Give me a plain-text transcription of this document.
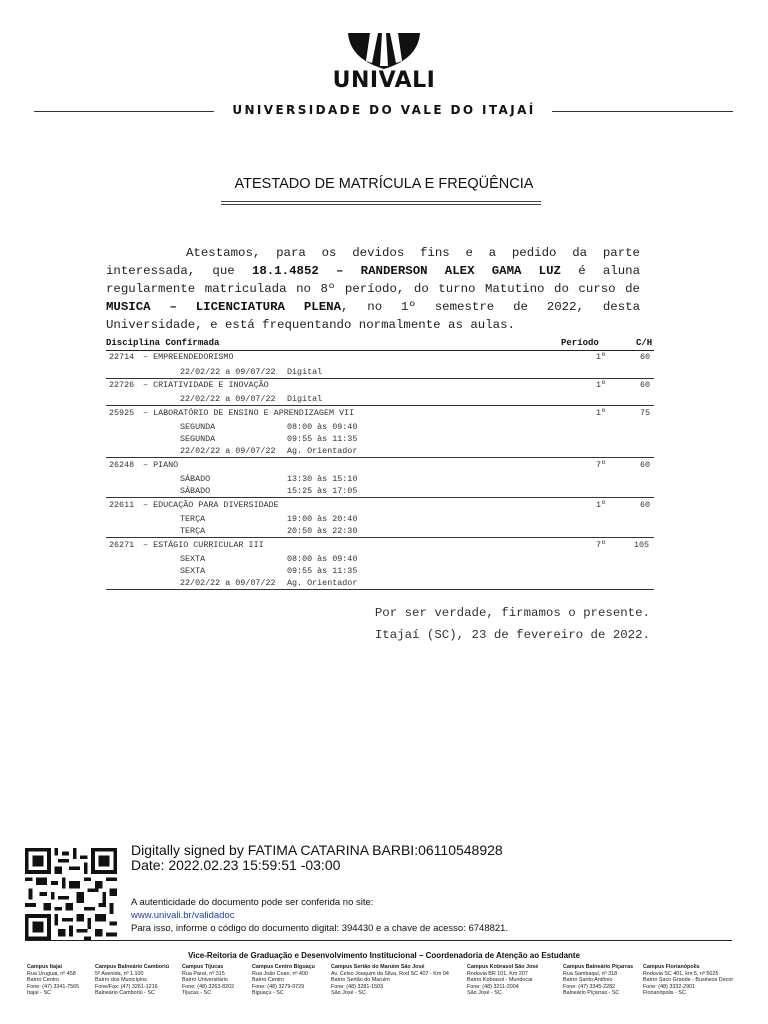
UNIVALI
UNIVERSIDADE DO VALE DO ITAJAÍ
ATESTADO DE MATRÍCULA E FREQÜÊNCIA
Atestamos, para os devidos fins e a pedido da parte interessada, que 18.1.4852 – RANDERSON ALEX GAMA LUZ é aluna regularmente matriculada no 8º período, do turno Matutino do curso de MUSICA – LICENCIATURA PLENA, no 1º semestre de 2022, desta Universidade, e está frequentando normalmente as aulas.
Disciplina Confirmada	Período	C/H
22714 – EMPREENDEDORISMO	1º	60
22/02/22 a 09/07/22 Digital
22726 – CRIATIVIDADE E INOVAÇÃO	1º	60
22/02/22 a 09/07/22 Digital
25925 – LABORATÓRIO DE ENSINO E APRENDIZAGEM VII	1º	75
SEGUNDA	08:00 às 09:40
SEGUNDA	09:55 às 11:35
22/02/22 a 09/07/22 Ag. Orientador
26248 – PIANO	7º	60
SÁBADO	13:30 às 15:10
SÁBADO	15:25 às 17:05
22611 – EDUCAÇÃO PARA DIVERSIDADE	1º	60
TERÇA	19:00 às 20:40
TERÇA	20:50 às 22:30
26271 – ESTÁGIO CURRICULAR III	7º	105
SEXTA	08:00 às 09:40
SEXTA	09:55 às 11:35
22/02/22 a 09/07/22 Ag. Orientador
Por ser verdade, firmamos o presente.
Itajaí (SC), 23 de fevereiro de 2022.
Digitally signed by FATIMA CATARINA BARBI:06110548928
Date: 2022.02.23 15:59:51 -03:00
A autenticidade do documento pode ser conferida no site:
www.univali.br/validadoc
Para isso, informe o código do documento digital: 394430 e a chave de acesso: 6748821.
Vice-Reitoria de Graduação e Desenvolvimento Institucional – Coordenadoria de Atenção ao Estudante
Campus Itajaí
Rua Uruguai, nº 458
Bairro Centro
Fone: (47) 3341-7565
Itajaí - SC
Campus Balneário Camboriú
5ª Avenida, nº 1.100
Bairro dos Municípios
Fone/Fax: (47) 3261-1216
Balneário Camboriú - SC
Campus Tijucas
Rua Paraí, nº 315
Bairro Universitário
Fone: (48) 3263-8202
Tijucas - SC
Campus Centro Biguaçu
Rua João Coan, nº 400
Bairro Centro
Fone: (48) 3279-9729
Biguaçu - SC
Campus Sertão do Maruim São José
Av. Celso Joaquim da Silva, Rod SC 407 - Km 04
Bairro Sertão do Maruim
Fone: (48) 3281-1503
São José - SC
Campus Kobrasol São José
Rodovia BR 101, Km 207
Bairro Kobrasol - Mundocar
Fone: (48) 3211-2004
São José - SC
Campus Balneário Piçarras
Rua Sambaqui, nº 318
Bairro Santo Antônio
Fone: (47) 3345-2282
Balneário Piçarras - SC
Campus Florianópolis
Rodovia SC 401, km 5, nº 5025
Bairro Saco Grande - Business Decor
Fone: (48) 3332-2901
Florianópolis - SC
